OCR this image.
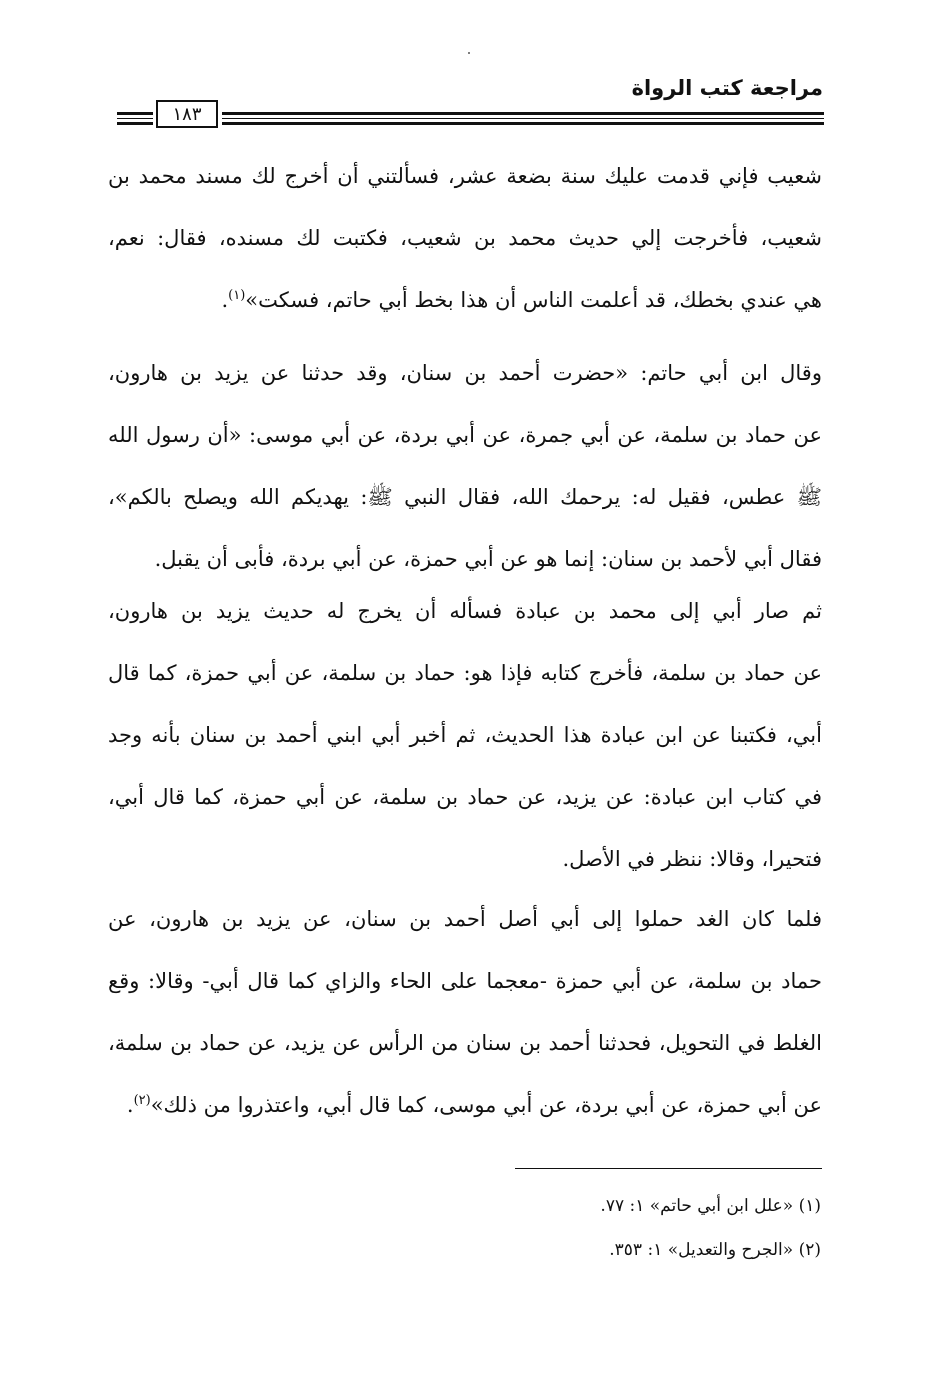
مراجعة كتب الرواة
١٨٣
شعيب فإني قدمت عليك سنة بضعة عشر، فسألتني أن أخرج لك مسند محمد بن
شعيب، فأخرجت إلي حديث محمد بن شعيب، فكتبت لك مسنده، فقال: نعم،
هي عندي بخطك، قد أعلمت الناس أن هذا بخط أبي حاتم، فسكت»$^{(١)}$.
وقال ابن أبي حاتم: «حضرت أحمد بن سنان، وقد حدثنا عن يزيد بن هارون،
عن حماد بن سلمة، عن أبي جمرة، عن أبي بردة، عن أبي موسى: «أن رسول الله
ﷺ عطس، فقيل له: يرحمك الله، فقال النبي ﷺ: يهديكم الله ويصلح بالكم»،
فقال أبي لأحمد بن سنان: إنما هو عن أبي حمزة، عن أبي بردة، فأبى أن يقبل.
ثم صار أبي إلى محمد بن عبادة فسأله أن يخرج له حديث يزيد بن هارون،
عن حماد بن سلمة، فأخرج كتابه فإذا هو: حماد بن سلمة، عن أبي حمزة، كما قال
أبي، فكتبنا عن ابن عبادة هذا الحديث، ثم أخبر أبي ابني أحمد بن سنان بأنه وجد
في كتاب ابن عبادة: عن يزيد، عن حماد بن سلمة، عن أبي حمزة، كما قال أبي،
فتحيرا، وقالا: ننظر في الأصل.
فلما كان الغد حملوا إلى أبي أصل أحمد بن سنان، عن يزيد بن هارون، عن
حماد بن سلمة، عن أبي حمزة -معجما على الحاء والزاي كما قال أبي- وقالا: وقع
الغلط في التحويل، فحدثنا أحمد بن سنان من الرأس عن يزيد، عن حماد بن سلمة،
عن أبي حمزة، عن أبي بردة، عن أبي موسى، كما قال أبي، واعتذروا من ذلك»$^{(٢)}$.
(١) «علل ابن أبي حاتم» ١: ٧٧.
(٢) «الجرح والتعديل» ١: ٣٥٣.
